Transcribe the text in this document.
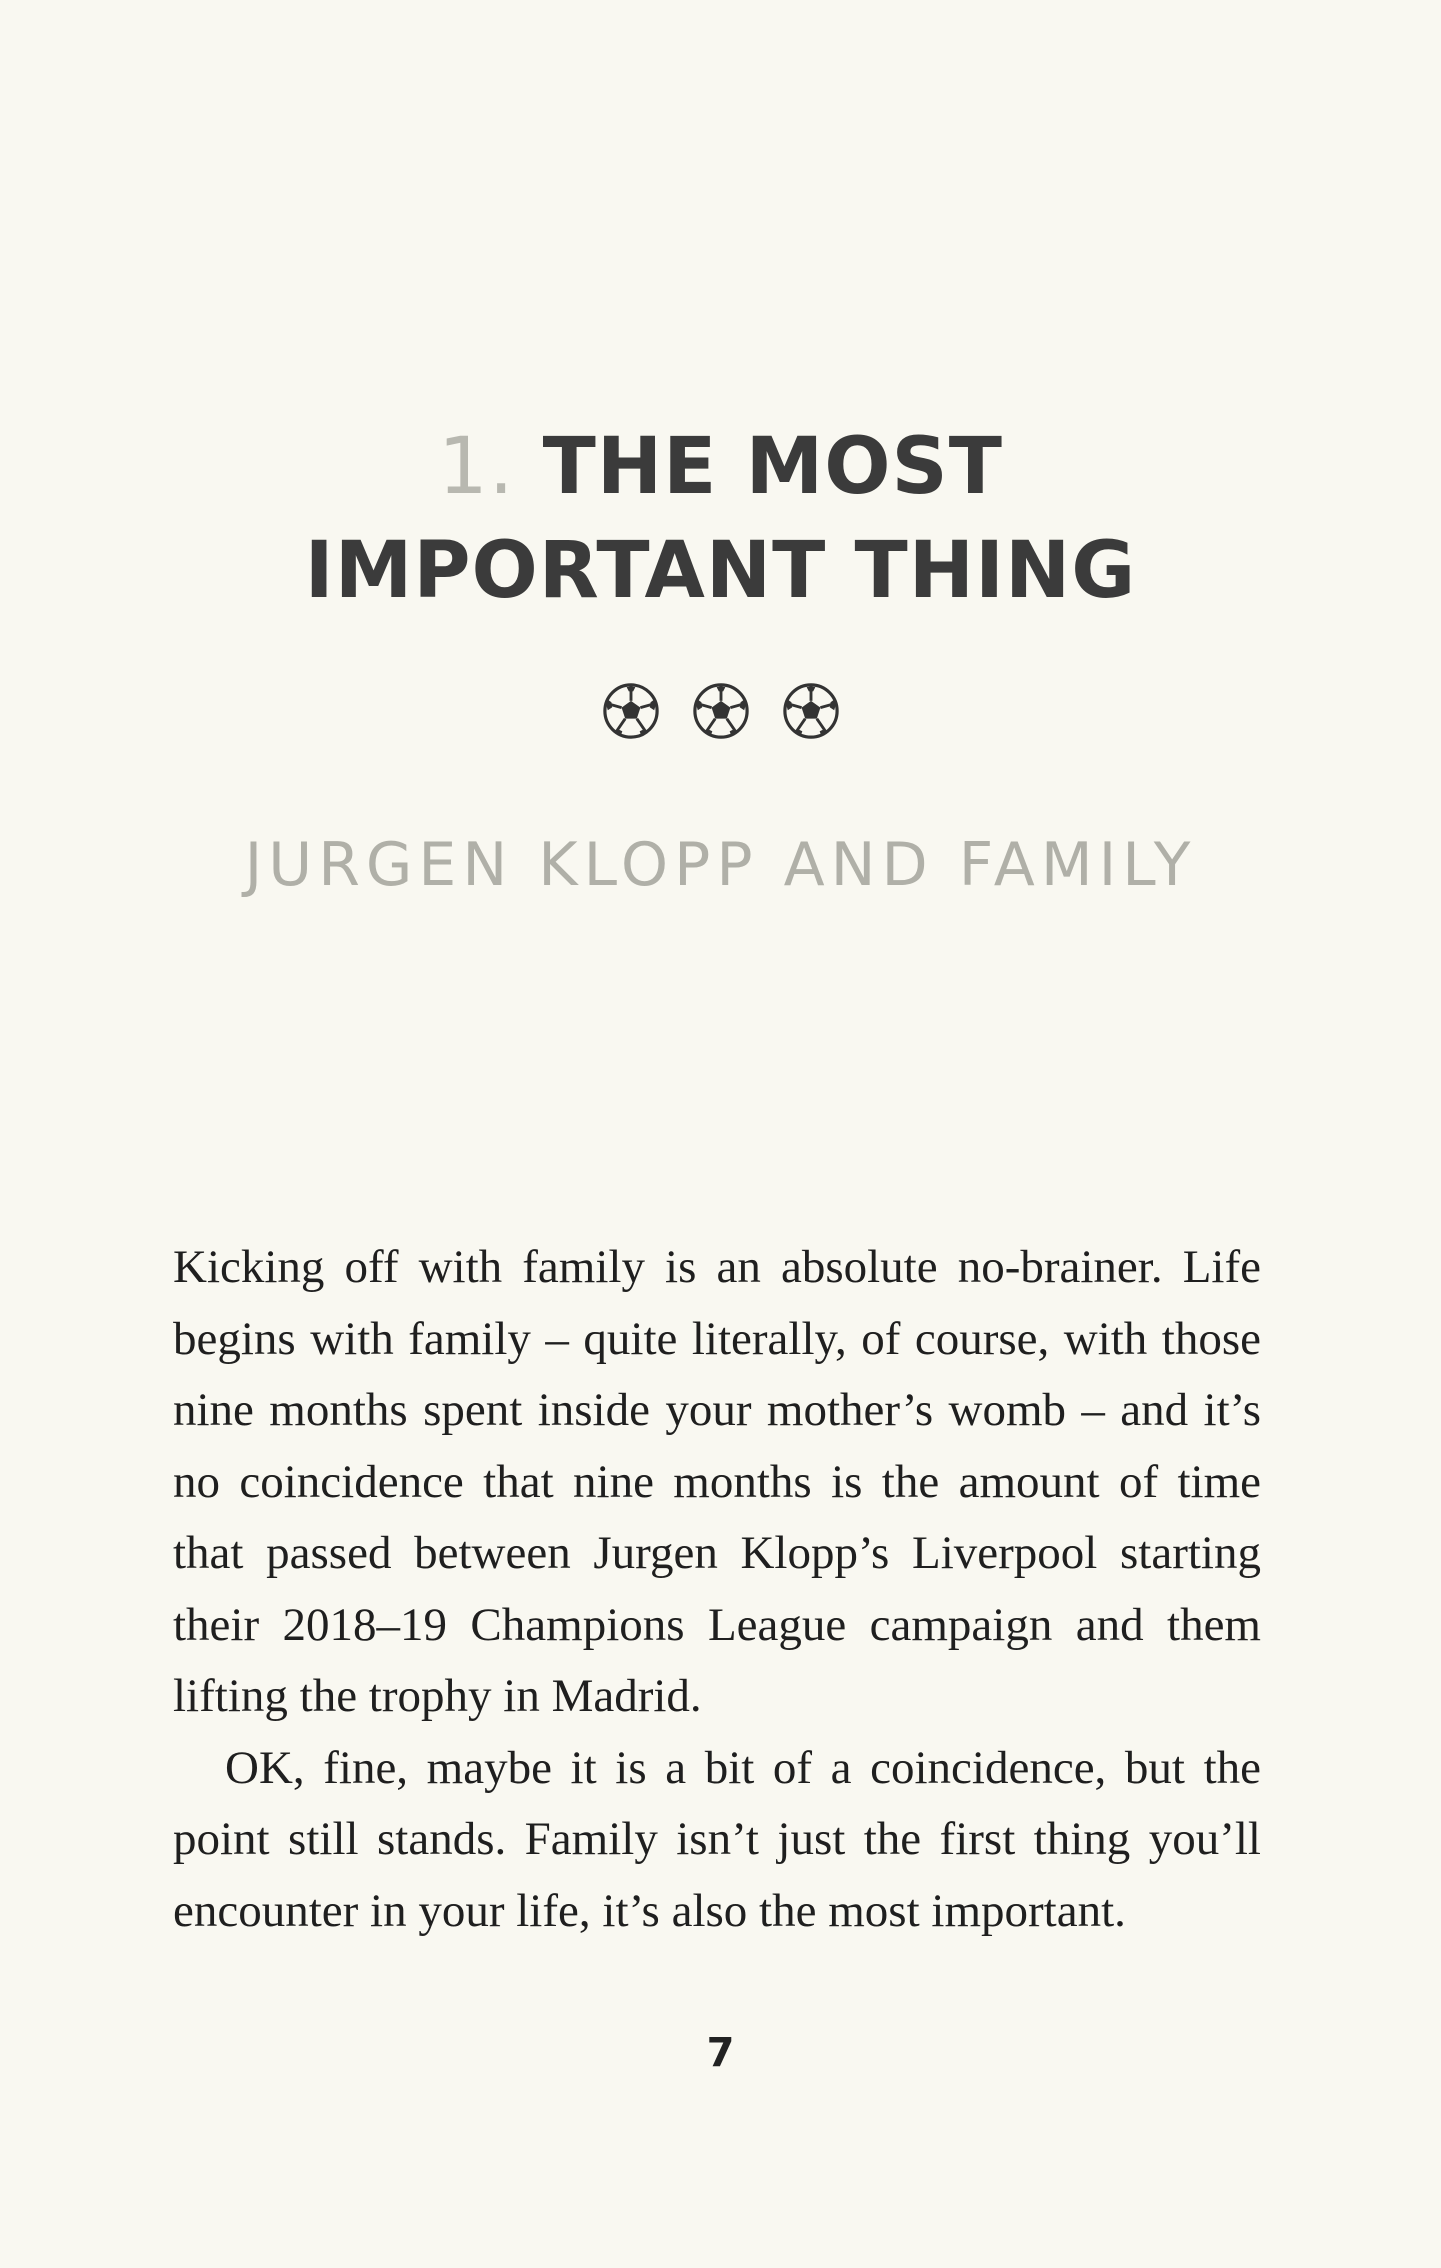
1. THE MOST
IMPORTANT THING
JURGEN KLOPP AND FAMILY

Kicking off with family is an absolute no-brainer. Life begins with family – quite literally, of course, with those nine months spent inside your mother’s womb – and it’s no coincidence that nine months is the amount of time that passed between Jurgen Klopp’s Liverpool starting their 2018–19 Champions League campaign and them lifting the trophy in Madrid.

OK, fine, maybe it is a bit of a coincidence, but the point still stands. Family isn’t just the first thing you’ll encounter in your life, it’s also the most important.

7
